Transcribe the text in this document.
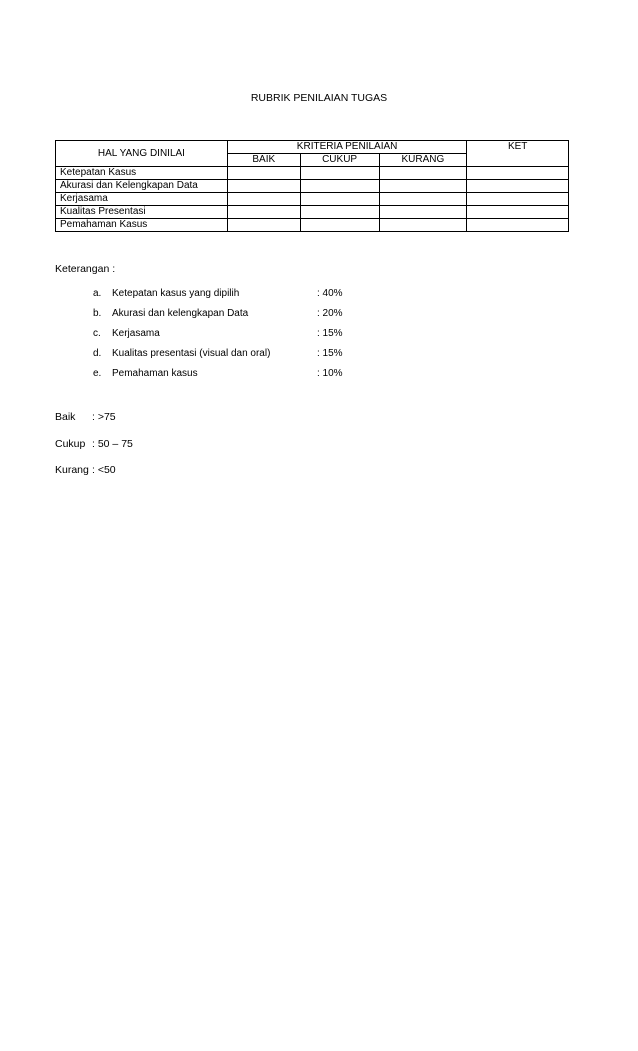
RUBRIK PENILAIAN TUGAS
HAL YANG DINILAI	KRITERIA PENILAIAN			KET
	BAIK	CUKUP	KURANG	
Ketepatan Kasus				
Akurasi dan Kelengkapan Data				
Kerjasama				
Kualitas Presentasi				
Pemahaman Kasus				
Keterangan :
a. Ketepatan kasus yang dipilih	: 40%
b. Akurasi dan kelengkapan Data	: 20%
c. Kerjasama	: 15%
d. Kualitas presentasi (visual dan oral)	: 15%
e. Pemahaman kasus	: 10%
Baik : >75
Cukup : 50 – 75
Kurang : <50
